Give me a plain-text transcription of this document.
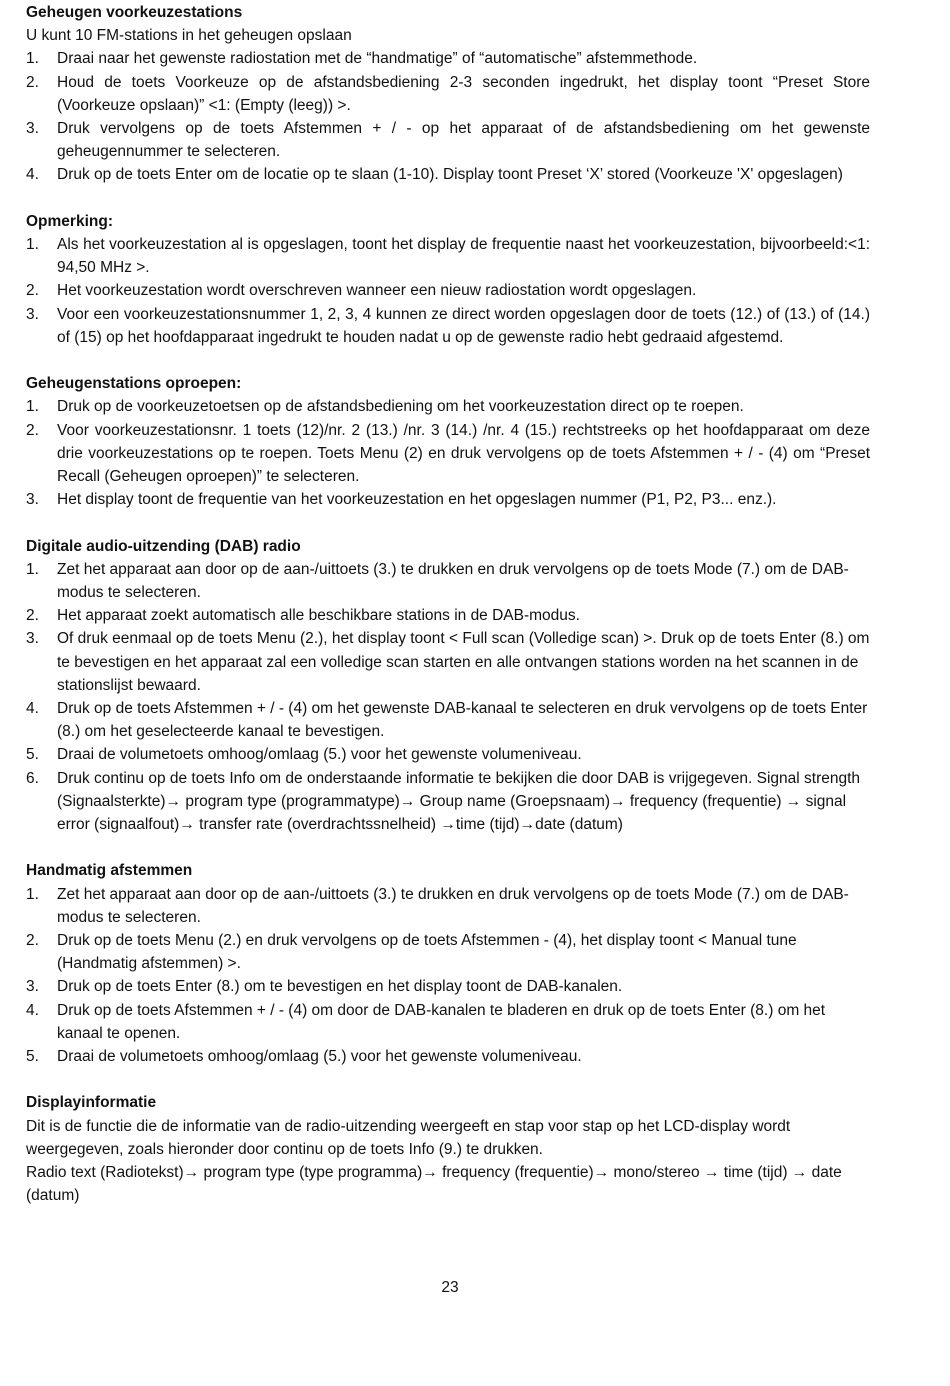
Geheugen voorkeuzestations

U kunt 10 FM-stations in het geheugen opslaan

1. Draai naar het gewenste radiostation met de “handmatige” of “automatische” afstemmethode.
2. Houd de toets Voorkeuze op de afstandsbediening 2-3 seconden ingedrukt, het display toont “Preset Store (Voorkeuze opslaan)” <1: (Empty (leeg)) >.
3. Druk vervolgens op de toets Afstemmen + / - op het apparaat of de afstandsbediening om het gewenste geheugennummer te selecteren.
4. Druk op de toets Enter om de locatie op te slaan (1-10). Display toont Preset ‘X’ stored (Voorkeuze 'X' opgeslagen)

Opmerking:

1. Als het voorkeuzestation al is opgeslagen, toont het display de frequentie naast het voorkeuzestation, bijvoorbeeld:<1: 94,50 MHz >.
2. Het voorkeuzestation wordt overschreven wanneer een nieuw radiostation wordt opgeslagen.
3. Voor een voorkeuzestationsnummer 1, 2, 3, 4 kunnen ze direct worden opgeslagen door de toets (12.) of (13.) of (14.) of (15) op het hoofdapparaat ingedrukt te houden nadat u op de gewenste radio hebt gedraaid afgestemd.

Geheugenstations oproepen:

1. Druk op de voorkeuzetoetsen op de afstandsbediening om het voorkeuzestation direct op te roepen.
2. Voor voorkeuzestationsnr. 1 toets (12)/nr. 2 (13.) /nr. 3 (14.) /nr. 4 (15.) rechtstreeks op het hoofdapparaat om deze drie voorkeuzestations op te roepen. Toets Menu (2) en druk vervolgens op de toets Afstemmen + / - (4) om “Preset Recall (Geheugen oproepen)” te selecteren.
3. Het display toont de frequentie van het voorkeuzestation en het opgeslagen nummer (P1, P2, P3... enz.).

Digitale audio-uitzending (DAB) radio

1. Zet het apparaat aan door op de aan-/uittoets (3.) te drukken en druk vervolgens op de toets Mode (7.) om de DAB-modus te selecteren.
2. Het apparaat zoekt automatisch alle beschikbare stations in de DAB-modus.
3. Of druk eenmaal op de toets Menu (2.), het display toont < Full scan (Volledige scan) >. Druk op de toets Enter (8.) om te bevestigen en het apparaat zal een volledige scan starten en alle ontvangen stations worden na het scannen in de stationslijst bewaard.
4. Druk op de toets Afstemmen + / - (4) om het gewenste DAB-kanaal te selecteren en druk vervolgens op de toets Enter (8.) om het geselecteerde kanaal te bevestigen.
5. Draai de volumetoets omhoog/omlaag (5.) voor het gewenste volumeniveau.
6. Druk continu op de toets Info om de onderstaande informatie te bekijken die door DAB is vrijgegeven. Signal strength (Signaalsterkte)→ program type (programmatype)→ Group name (Groepsnaam)→ frequency (frequentie) → signal error (signaalfout)→ transfer rate (overdrachtssnelheid) →time (tijd)→date (datum)

Handmatig afstemmen

1. Zet het apparaat aan door op de aan-/uittoets (3.) te drukken en druk vervolgens op de toets Mode (7.) om de DAB-modus te selecteren.
2. Druk op de toets Menu (2.) en druk vervolgens op de toets Afstemmen - (4), het display toont < Manual tune (Handmatig afstemmen) >.
3. Druk op de toets Enter (8.) om te bevestigen en het display toont de DAB-kanalen.
4. Druk op de toets Afstemmen + / - (4) om door de DAB-kanalen te bladeren en druk op de toets Enter (8.) om het kanaal te openen.
5. Draai de volumetoets omhoog/omlaag (5.) voor het gewenste volumeniveau.

Displayinformatie

Dit is de functie die de informatie van de radio-uitzending weergeeft en stap voor stap op het LCD-display wordt weergegeven, zoals hieronder door continu op de toets Info (9.) te drukken.

Radio text (Radiotekst)→ program type (type programma)→ frequency (frequentie)→ mono/stereo → time (tijd) → date (datum)

23
